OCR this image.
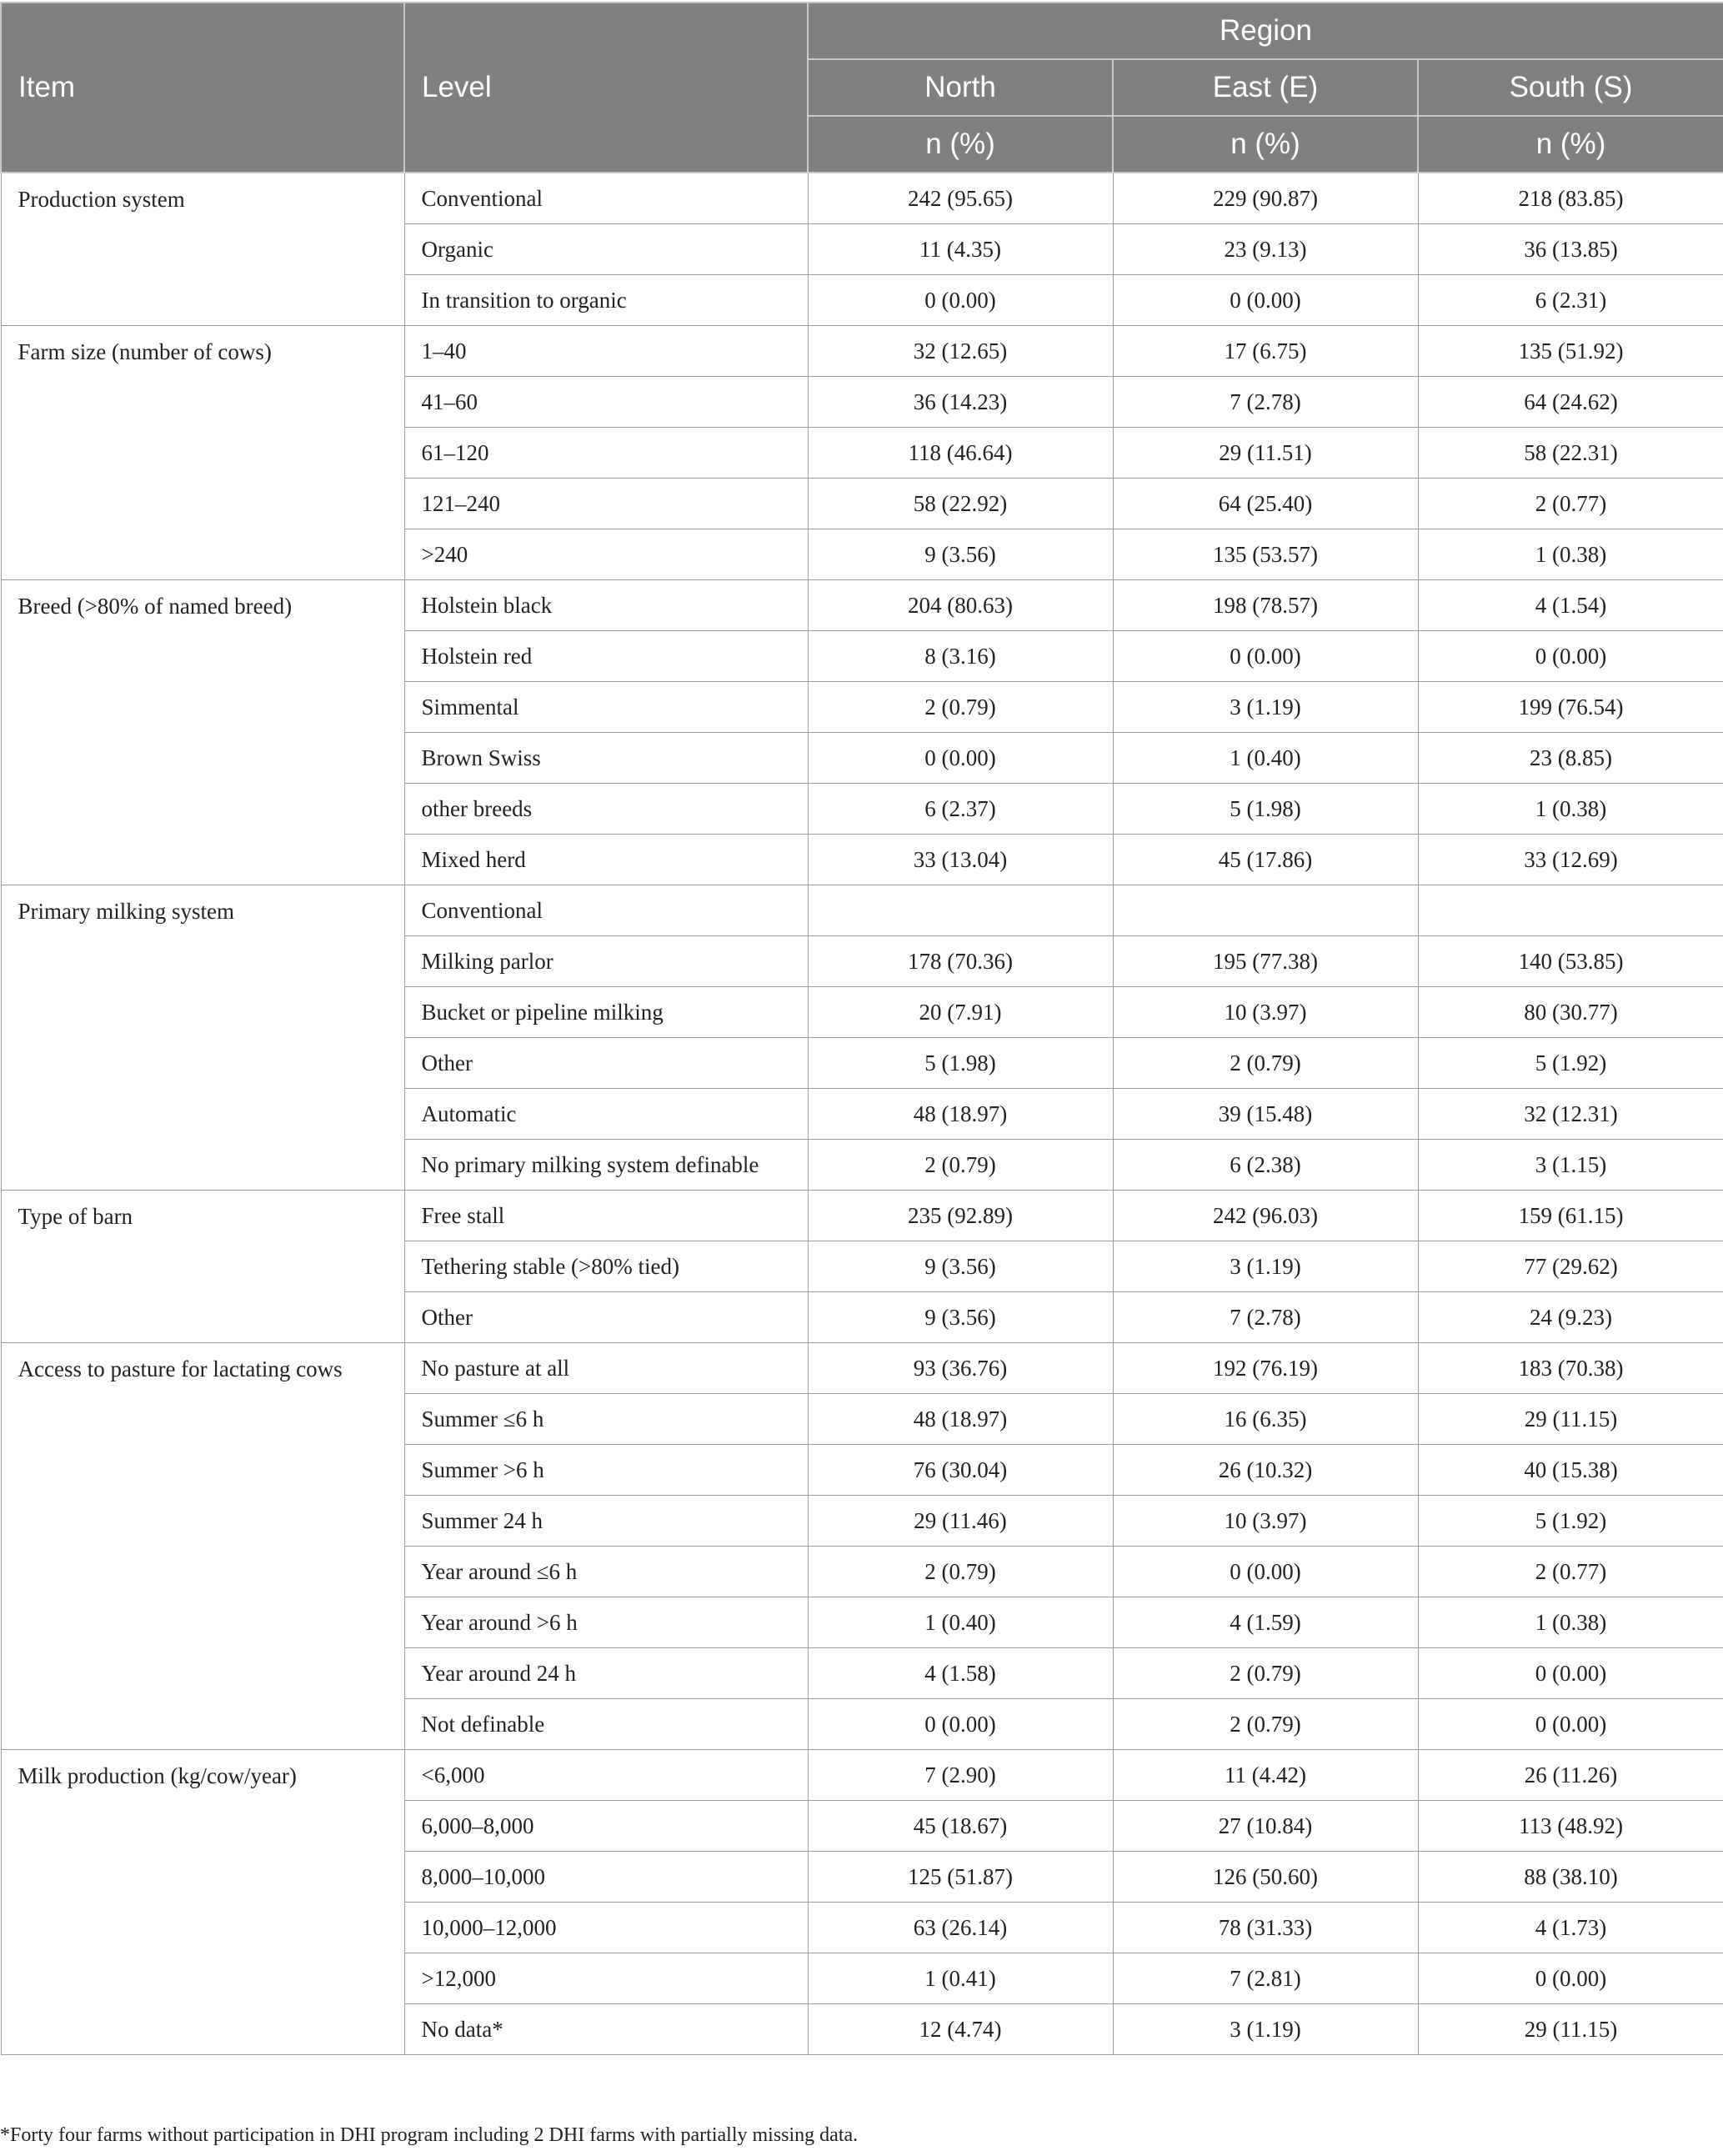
Item	Level	Region		
		North	East (E)	South (S)
		n (%)	n (%)	n (%)
Production system	Conventional	242 (95.65)	229 (90.87)	218 (83.85)
	Organic	11 (4.35)	23 (9.13)	36 (13.85)
	In transition to organic	0 (0.00)	0 (0.00)	6 (2.31)
Farm size (number of cows)	1–40	32 (12.65)	17 (6.75)	135 (51.92)
	41–60	36 (14.23)	7 (2.78)	64 (24.62)
	61–120	118 (46.64)	29 (11.51)	58 (22.31)
	121–240	58 (22.92)	64 (25.40)	2 (0.77)
	>240	9 (3.56)	135 (53.57)	1 (0.38)
Breed (>80% of named breed)	Holstein black	204 (80.63)	198 (78.57)	4 (1.54)
	Holstein red	8 (3.16)	0 (0.00)	0 (0.00)
	Simmental	2 (0.79)	3 (1.19)	199 (76.54)
	Brown Swiss	0 (0.00)	1 (0.40)	23 (8.85)
	other breeds	6 (2.37)	5 (1.98)	1 (0.38)
	Mixed herd	33 (13.04)	45 (17.86)	33 (12.69)
Primary milking system	Conventional			
	Milking parlor	178 (70.36)	195 (77.38)	140 (53.85)
	Bucket or pipeline milking	20 (7.91)	10 (3.97)	80 (30.77)
	Other	5 (1.98)	2 (0.79)	5 (1.92)
	Automatic	48 (18.97)	39 (15.48)	32 (12.31)
	No primary milking system definable	2 (0.79)	6 (2.38)	3 (1.15)
Type of barn	Free stall	235 (92.89)	242 (96.03)	159 (61.15)
	Tethering stable (>80% tied)	9 (3.56)	3 (1.19)	77 (29.62)
	Other	9 (3.56)	7 (2.78)	24 (9.23)
Access to pasture for lactating cows	No pasture at all	93 (36.76)	192 (76.19)	183 (70.38)
	Summer ≤6 h	48 (18.97)	16 (6.35)	29 (11.15)
	Summer >6 h	76 (30.04)	26 (10.32)	40 (15.38)
	Summer 24 h	29 (11.46)	10 (3.97)	5 (1.92)
	Year around ≤6 h	2 (0.79)	0 (0.00)	2 (0.77)
	Year around >6 h	1 (0.40)	4 (1.59)	1 (0.38)
	Year around 24 h	4 (1.58)	2 (0.79)	0 (0.00)
	Not definable	0 (0.00)	2 (0.79)	0 (0.00)
Milk production (kg/cow/year)	<6,000	7 (2.90)	11 (4.42)	26 (11.26)
	6,000–8,000	45 (18.67)	27 (10.84)	113 (48.92)
	8,000–10,000	125 (51.87)	126 (50.60)	88 (38.10)
	10,000–12,000	63 (26.14)	78 (31.33)	4 (1.73)
	>12,000	1 (0.41)	7 (2.81)	0 (0.00)
	No data*	12 (4.74)	3 (1.19)	29 (11.15)
*Forty four farms without participation in DHI program including 2 DHI farms with partially missing data.
